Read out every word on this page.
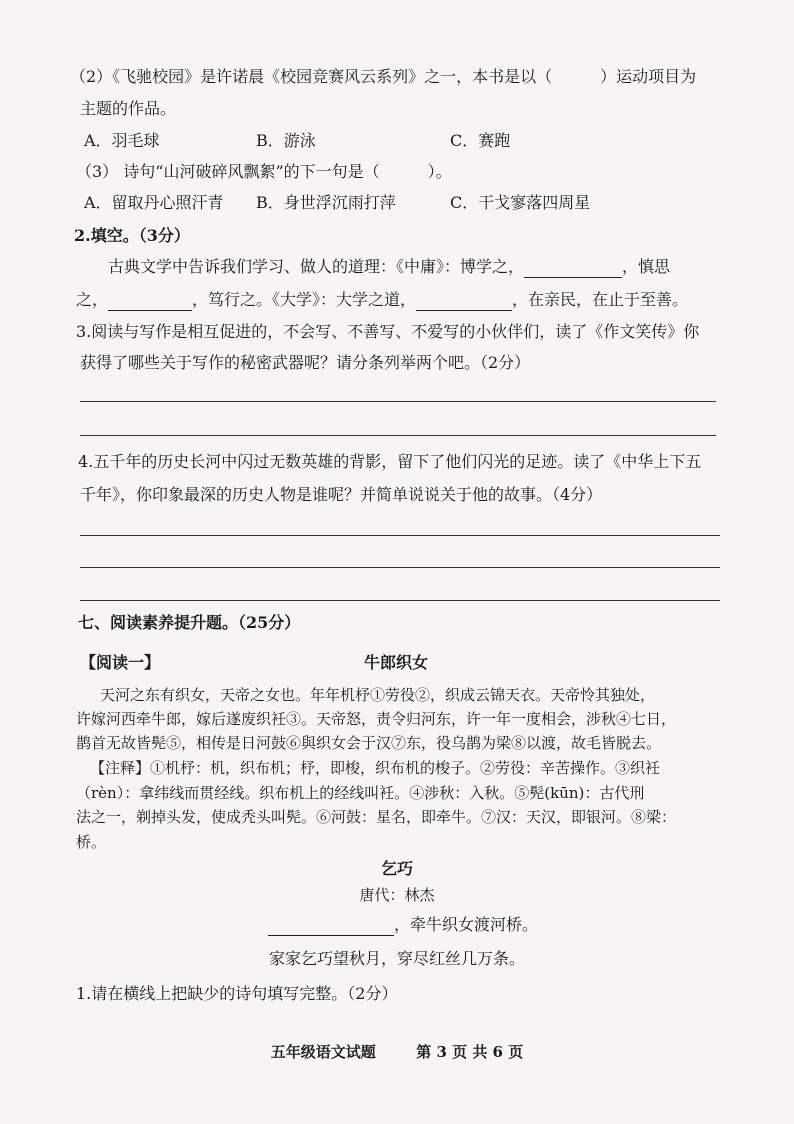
（2）《飞驰校园》是许诺晨《校园竞赛风云系列》之一，本书是以（　　　）运动项目为
主题的作品。
A．羽毛球	B．游泳	C．赛跑
（3） 诗句“山河破碎风飘絮”的下一句是（　　　）。
A．留取丹心照汗青 B．身世浮沉雨打萍	C．干戈寥落四周星
2.填空。（3分）
古典文学中告诉我们学习、做人的道理：《中庸》：博学之，	，慎思
之，	，笃行之。《大学》：大学之道，	，在亲民，在止于至善。
3.阅读与写作是相互促进的，不会写、不善写、不爱写的小伙伴们，读了《作文笑传》你
获得了哪些关于写作的秘密武器呢？请分条列举两个吧。（2分）
4.五千年的历史长河中闪过无数英雄的背影，留下了他们闪光的足迹。读了《中华上下五
千年》，你印象最深的历史人物是谁呢？并简单说说关于他的故事。（4分）
七、阅读素养提升题。（25分）
【阅读一】	牛郎织女
天河之东有织女，天帝之女也。年年机杼①劳役②，织成云锦天衣。天帝怜其独处，
许嫁河西牵牛郎，嫁后遂废织衽③。天帝怒，责令归河东，许一年一度相会，涉秋④七日，
鹊首无故皆髡⑤，相传是日河鼓⑥與织女会于汉⑦东，役乌鹊为梁⑧以渡，故毛皆脱去。
【注释】①机杼：机，织布机；杼，即梭，织布机的梭子。②劳役：辛苦操作。③织衽
（rèn）：拿纬线而贯经线。织布机上的经线叫衽。④涉秋：入秋。⑤髡(kūn)：古代刑
法之一，剃掉头发，使成秃头叫髡。⑥河鼓：星名，即牵牛。⑦汉：天汉，即银河。⑧梁：
桥。
乞巧
唐代：林杰
，牵牛织女渡河桥。
家家乞巧望秋月，穿尽红丝几万条。
1.请在横线上把缺少的诗句填写完整。（2分）
五年级语文试题	第 3 页 共 6 页
